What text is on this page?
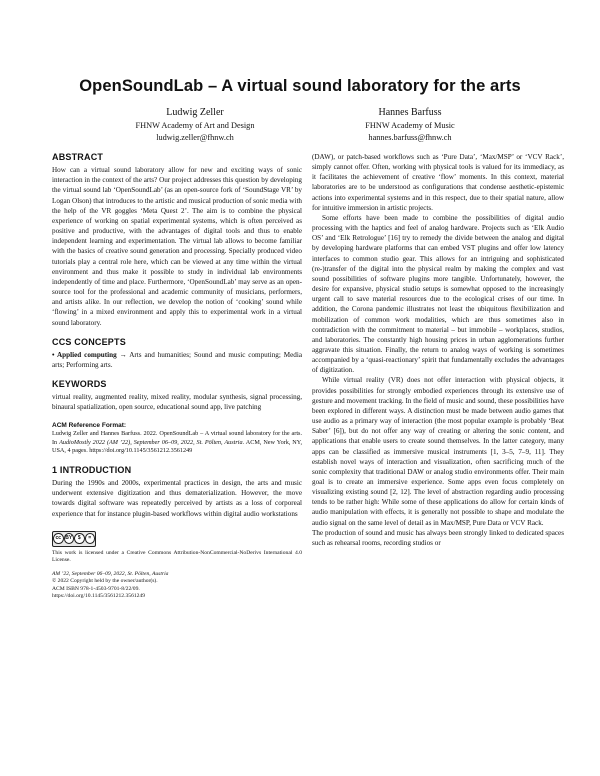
OpenSoundLab – A virtual sound laboratory for the arts
Ludwig Zeller
FHNW Academy of Art and Design
ludwig.zeller@fhnw.ch
Hannes Barfuss
FHNW Academy of Music
hannes.barfuss@fhnw.ch
ABSTRACT

How can a virtual sound laboratory allow for new and exciting ways of sonic interaction in the context of the arts? Our project addresses this question by developing the virtual sound lab ‘OpenSoundLab’ (as an open-source fork of ‘SoundStage VR’ by Logan Olson) that introduces to the artistic and musical production of sonic media with the help of the VR goggles ‘Meta Quest 2’. The aim is to combine the physical experience of working on spatial experimental systems, which is often perceived as positive and productive, with the advantages of digital tools and thus to enable independent learning and experimentation. The virtual lab allows to become familiar with the basics of creative sound generation and processing. Specially produced video tutorials play a central role here, which can be viewed at any time within the virtual environment and thus make it possible to study in individual lab environments independently of time and place. Furthermore, ‘OpenSoundLab’ may serve as an open-source tool for the professional and academic community of musicians, performers, and artists alike. In our reflection, we develop the notion of ‘cooking’ sound while ‘flowing’ in a mixed environment and apply this to experimental work in a virtual sound laboratory.

CCS CONCEPTS

• Applied computing → Arts and humanities; Sound and music computing; Media arts; Performing arts.

KEYWORDS

virtual reality, augmented reality, mixed reality, modular synthesis, signal processing, binaural spatialization, open source, educational sound app, live patching

ACM Reference Format:
Ludwig Zeller and Hannes Barfuss. 2022. OpenSoundLab – A virtual sound laboratory for the arts. In AudioMostly 2022 (AM ’22), September 06–09, 2022, St. Pölten, Austria. ACM, New York, NY, USA, 4 pages. https://doi.org/10.1145/3561212.3561249
1 INTRODUCTION

During the 1990s and 2000s, experimental practices in design, the arts and music underwent extensive digitization and thus dematerialization. However, the move towards digital software was repeatedly perceived by artists as a loss of corporeal experience that for instance plugin-based workflows within digital audio workstations

cc BY	$	=
This work is licensed under a Creative Commons Attribution-NonCommercial-NoDerivs International 4.0 License.
AM ’22, September 06–09, 2022, St. Pölten, Austria
© 2022 Copyright held by the owner/author(s).
ACM ISBN 978-1-4503-9701-8/22/09.
https://doi.org/10.1145/3561212.3561249

(DAW), or patch-based workflows such as ‘Pure Data’, ‘Max/MSP’ or ‘VCV Rack’, simply cannot offer. Often, working with physical tools is valued for its immediacy, as it facilitates the achievement of creative ‘flow’ moments. In this context, material laboratories are to be understood as configurations that condense aesthetic-epistemic actions into experimental systems and in this respect, due to their spatial nature, allow for intuitive immersion in artistic projects.

Some efforts have been made to combine the possibilities of digital audio processing with the haptics and feel of analog hardware. Projects such as ‘Elk Audio OS’ and ‘Elk Retrologue’ [16] try to remedy the divide between the analog and digital by developing hardware platforms that can embed VST plugins and offer low latency interfaces to common studio gear. This allows for an intriguing and sophisticated (re-)transfer of the digital into the physical realm by making the complex and vast sound possibilities of software plugins more tangible. Unfortunately, however, the desire for expansive, physical studio setups is somewhat opposed to the increasingly urgent call to save material resources due to the ecological crises of our time. In addition, the Corona pandemic illustrates not least the ubiquitous flexibilization and mobilization of common work modalities, which are thus sometimes also in contradiction with the commitment to material – but immobile – workplaces, studios, and laboratories. The constantly high housing prices in urban agglomerations further aggravate this situation. Finally, the return to analog ways of working is sometimes accompanied by a ‘quasi-reactionary’ spirit that fundamentally excludes the advantages of digitization.

While virtual reality (VR) does not offer interaction with physical objects, it provides possibilities for strongly embodied experiences through its extensive use of gesture and movement tracking. In the field of music and sound, these possibilities have been explored in different ways. A distinction must be made between audio games that use audio as a primary way of interaction (the most popular example is probably ‘Beat Saber’ [6]), but do not offer any way of creating or altering the sonic content, and applications that enable users to create sound themselves. In the latter category, many apps can be classified as immersive musical instruments [1, 3–5, 7–9, 11]. They establish novel ways of interaction and visualization, often sacrificing much of the sonic complexity that traditional DAW or analog studio environments offer. Their main goal is to create an immersive experience. Some apps even focus completely on visualizing existing sound [2, 12]. The level of abstraction regarding audio processing tends to be rather high: While some of these applications do allow for certain kinds of audio manipulation with effects, it is generally not possible to shape and modulate the audio signal on the same level of detail as in Max/MSP, Pure Data or VCV Rack.

The production of sound and music has always been strongly linked to dedicated spaces such as rehearsal rooms, recording studios or
